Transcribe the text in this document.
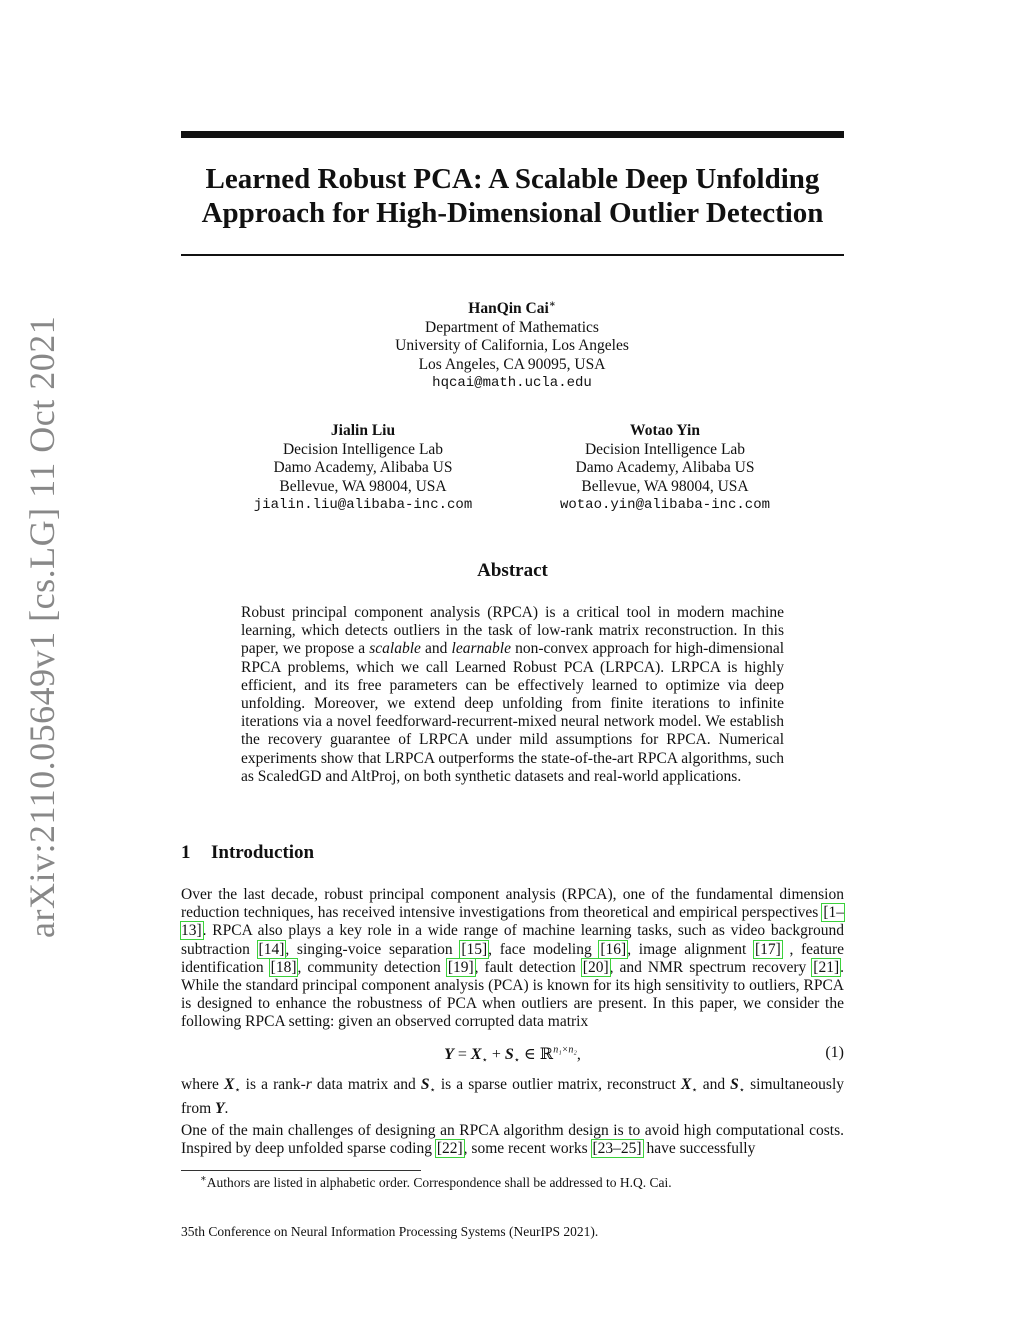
arXiv:2110.05649v1 [cs.LG] 11 Oct 2021
Learned Robust PCA: A Scalable Deep Unfolding
Approach for High-Dimensional Outlier Detection
HanQin Cai∗
Department of Mathematics
University of California, Los Angeles
Los Angeles, CA 90095, USA
hqcai@math.ucla.edu
Jialin Liu
Decision Intelligence Lab
Damo Academy, Alibaba US
Bellevue, WA 98004, USA
jialin.liu@alibaba-inc.com
Wotao Yin
Decision Intelligence Lab
Damo Academy, Alibaba US
Bellevue, WA 98004, USA
wotao.yin@alibaba-inc.com
Abstract
Robust principal component analysis (RPCA) is a critical tool in modern machine learning, which detects outliers in the task of low-rank matrix reconstruction. In this paper, we propose a scalable and learnable non-convex approach for high-dimensional RPCA problems, which we call Learned Robust PCA (LRPCA). LRPCA is highly efficient, and its free parameters can be effectively learned to optimize via deep unfolding. Moreover, we extend deep unfolding from finite iterations to infinite iterations via a novel feedforward-recurrent-mixed neural network model. We establish the recovery guarantee of LRPCA under mild assumptions for RPCA. Numerical experiments show that LRPCA outperforms the state-of-the-art RPCA algorithms, such as ScaledGD and AltProj, on both synthetic datasets and real-world applications.
1 Introduction
Over the last decade, robust principal component analysis (RPCA), one of the fundamental dimension reduction techniques, has received intensive investigations from theoretical and empirical perspectives [1–13]. RPCA also plays a key role in a wide range of machine learning tasks, such as video background subtraction [14], singing-voice separation [15], face modeling [16], image alignment [17] , feature identification [18], community detection [19], fault detection [20], and NMR spectrum recovery [21]. While the standard principal component analysis (PCA) is known for its high sensitivity to outliers, RPCA is designed to enhance the robustness of PCA when outliers are present. In this paper, we consider the following RPCA setting: given an observed corrupted data matrix
$Y = X_⋆ + S_⋆$ ∈ ℝ$^{n_1\times n_2}$,	(1)
where $X_⋆$ is a rank-r data matrix and $S_⋆$ is a sparse outlier matrix, reconstruct $X_⋆$ and $S_⋆$ simultaneously from Y.
One of the main challenges of designing an RPCA algorithm design is to avoid high computational costs. Inspired by deep unfolded sparse coding [22], some recent works [23–25] have successfully
∗Authors are listed in alphabetic order. Correspondence shall be addressed to H.Q. Cai.
35th Conference on Neural Information Processing Systems (NeurIPS 2021).
